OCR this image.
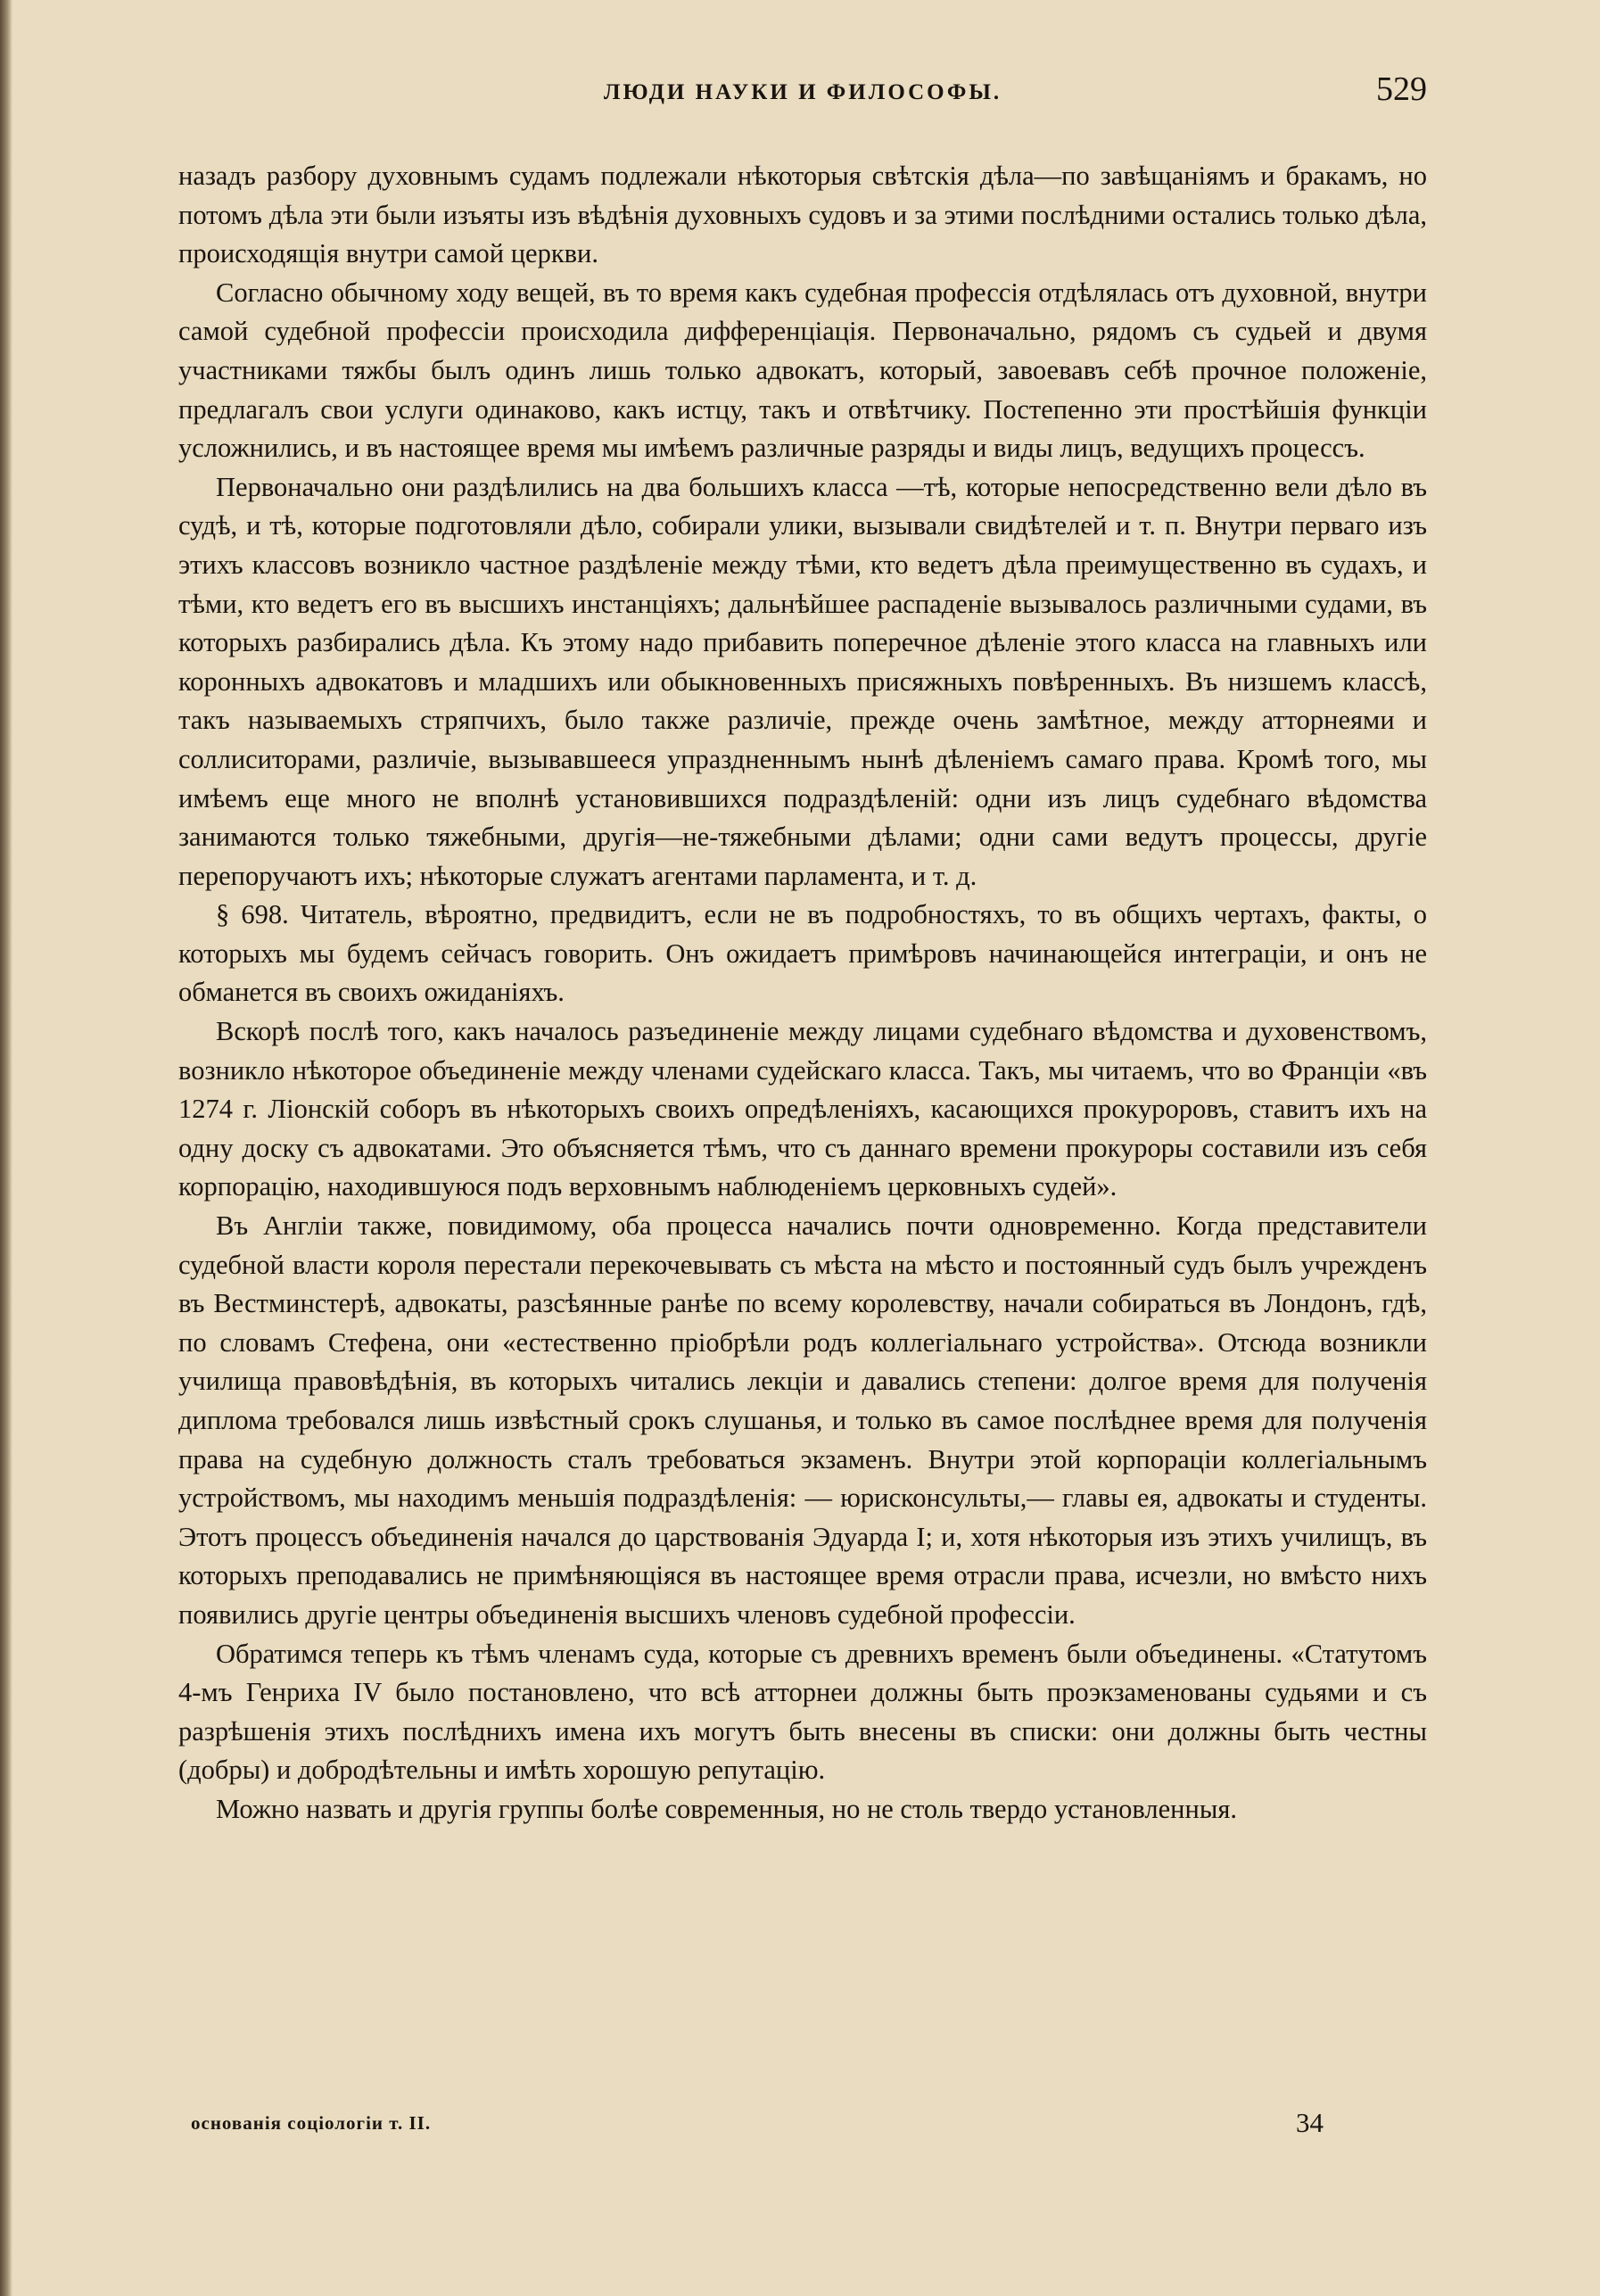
ЛЮДИ НАУКИ И ФИЛОСОФЫ.	529

назадъ разбору духовнымъ судамъ подлежали нѣкоторыя свѣтскія дѣла—по завѣщаніямъ и бракамъ, но потомъ дѣла эти были изъяты изъ вѣдѣнія духовныхъ судовъ и за этими послѣдними остались только дѣла, происходящія внутри самой церкви.

Согласно обычному ходу вещей, въ то время какъ судебная профессія отдѣлялась отъ духовной, внутри самой судебной профессіи происходила дифференціація. Первоначально, рядомъ съ судьей и двумя участниками тяжбы былъ одинъ лишь только адвокатъ, который, завоевавъ себѣ прочное положеніе, предлагалъ свои услуги одинаково, какъ истцу, такъ и отвѣтчику. Постепенно эти простѣйшія функціи усложнились, и въ настоящее время мы имѣемъ различные разряды и виды лицъ, ведущихъ процессъ.

Первоначально они раздѣлились на два большихъ класса —тѣ, которые непосредственно вели дѣло въ судѣ, и тѣ, которые подготовляли дѣло, собирали улики, вызывали свидѣтелей и т. п. Внутри перваго изъ этихъ классовъ возникло частное раздѣленіе между тѣми, кто ведетъ дѣла преимущественно въ судахъ, и тѣми, кто ведетъ его въ высшихъ инстанціяхъ; дальнѣйшее распаденіе вызывалось различными судами, въ которыхъ разбирались дѣла. Къ этому надо прибавить поперечное дѣленіе этого класса на главныхъ или коронныхъ адвокатовъ и младшихъ или обыкновенныхъ присяжныхъ повѣренныхъ. Въ низшемъ классѣ, такъ называемыхъ стряпчихъ, было также различіе, прежде очень замѣтное, между атторнеями и соллиситорами, различіе, вызывавшееся упраздненнымъ нынѣ дѣленіемъ самаго права. Кромѣ того, мы имѣемъ еще много не вполнѣ установившихся подраздѣленій: одни изъ лицъ судебнаго вѣдомства занимаются только тяжебными, другія—не-тяжебными дѣлами; одни сами ведутъ процессы, другіе перепоручаютъ ихъ; нѣкоторые служатъ агентами парламента, и т. д.

§ 698. Читатель, вѣроятно, предвидитъ, если не въ подробностяхъ, то въ общихъ чертахъ, факты, о которыхъ мы будемъ сейчасъ говорить. Онъ ожидаетъ примѣровъ начинающейся интеграціи, и онъ не обманется въ своихъ ожиданіяхъ.

Вскорѣ послѣ того, какъ началось разъединеніе между лицами судебнаго вѣдомства и духовенствомъ, возникло нѣкоторое объединеніе между членами судейскаго класса. Такъ, мы читаемъ, что во Франціи «въ 1274 г. Ліонскій соборъ въ нѣкоторыхъ своихъ опредѣленіяхъ, касающихся прокуроровъ, ставитъ ихъ на одну доску съ адвокатами. Это объясняется тѣмъ, что съ даннаго времени прокуроры составили изъ себя корпорацію, находившуюся подъ верховнымъ наблюденіемъ церковныхъ судей».

Въ Англіи также, повидимому, оба процесса начались почти одновременно. Когда представители судебной власти короля перестали перекочевывать съ мѣста на мѣсто и постоянный судъ былъ учрежденъ въ Вестминстерѣ, адвокаты, разсѣянные ранѣе по всему королевству, начали собираться въ Лондонъ, гдѣ, по словамъ Стефена, они «естественно пріобрѣли родъ коллегіальнаго устройства». Отсюда возникли училища правовѣдѣнія, въ которыхъ читались лекціи и давались степени: долгое время для полученія диплома требовался лишь извѣстный срокъ слушанья, и только въ самое послѣднее время для полученія права на судебную должность сталъ требоваться экзаменъ. Внутри этой корпораціи коллегіальнымъ устройствомъ, мы находимъ меньшія подраздѣленія: — юрисконсульты,— главы ея, адвокаты и студенты. Этотъ процессъ объединенія начался до царствованія Эдуарда I; и, хотя нѣкоторыя изъ этихъ училищъ, въ которыхъ преподавались не примѣняющіяся въ настоящее время отрасли права, исчезли, но вмѣсто нихъ появились другіе центры объединенія высшихъ членовъ судебной профессіи.

Обратимся теперь къ тѣмъ членамъ суда, которые съ древнихъ временъ были объединены. «Статутомъ 4-мъ Генриха IV было постановлено, что всѣ атторнеи должны быть проэкзаменованы судьями и съ разрѣшенія этихъ послѣднихъ имена ихъ могутъ быть внесены въ списки: они должны быть честны (добры) и добродѣтельны и имѣть хорошую репутацію.

Можно назвать и другія группы болѣе современныя, но не столь твердо установленныя.

основанія соціологіи т. II.	34
